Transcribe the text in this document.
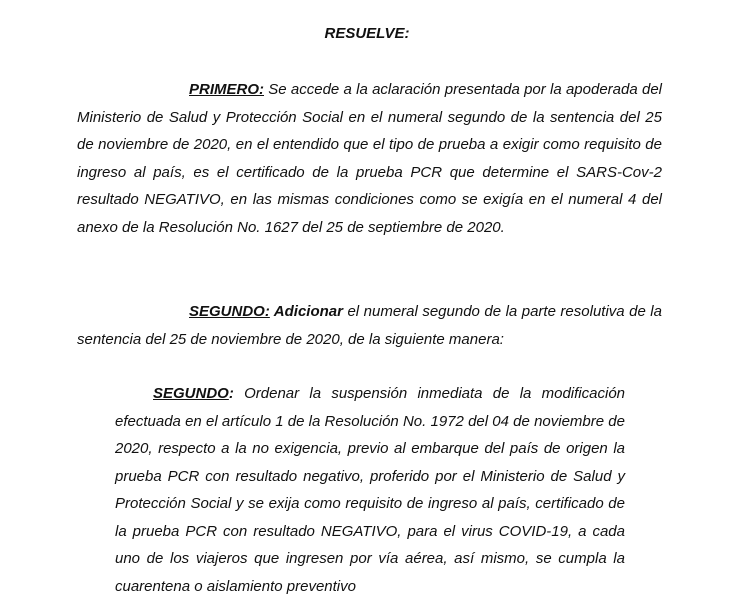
RESUELVE:

PRIMERO: Se accede a la aclaración presentada por la apoderada del Ministerio de Salud y Protección Social en el numeral segundo de la sentencia del 25 de noviembre de 2020, en el entendido que el tipo de prueba a exigir como requisito de ingreso al país, es el certificado de la prueba PCR que determine el SARS-Cov-2 resultado NEGATIVO, en las mismas condiciones como se exigía en el numeral 4 del anexo de la Resolución No. 1627 del 25 de septiembre de 2020.

SEGUNDO: Adicionar el numeral segundo de la parte resolutiva de la sentencia del 25 de noviembre de 2020, de la siguiente manera:

SEGUNDO: Ordenar la suspensión inmediata de la modificación efectuada en el artículo 1 de la Resolución No. 1972 del 04 de noviembre de 2020, respecto a la no exigencia, previo al embarque del país de origen la prueba PCR con resultado negativo, proferido por el Ministerio de Salud y Protección Social y se exija como requisito de ingreso al país, certificado de la prueba PCR con resultado NEGATIVO, para el virus COVID-19, a cada uno de los viajeros que ingresen por vía aérea, así mismo, se cumpla la cuarentena o aislamiento preventivo
